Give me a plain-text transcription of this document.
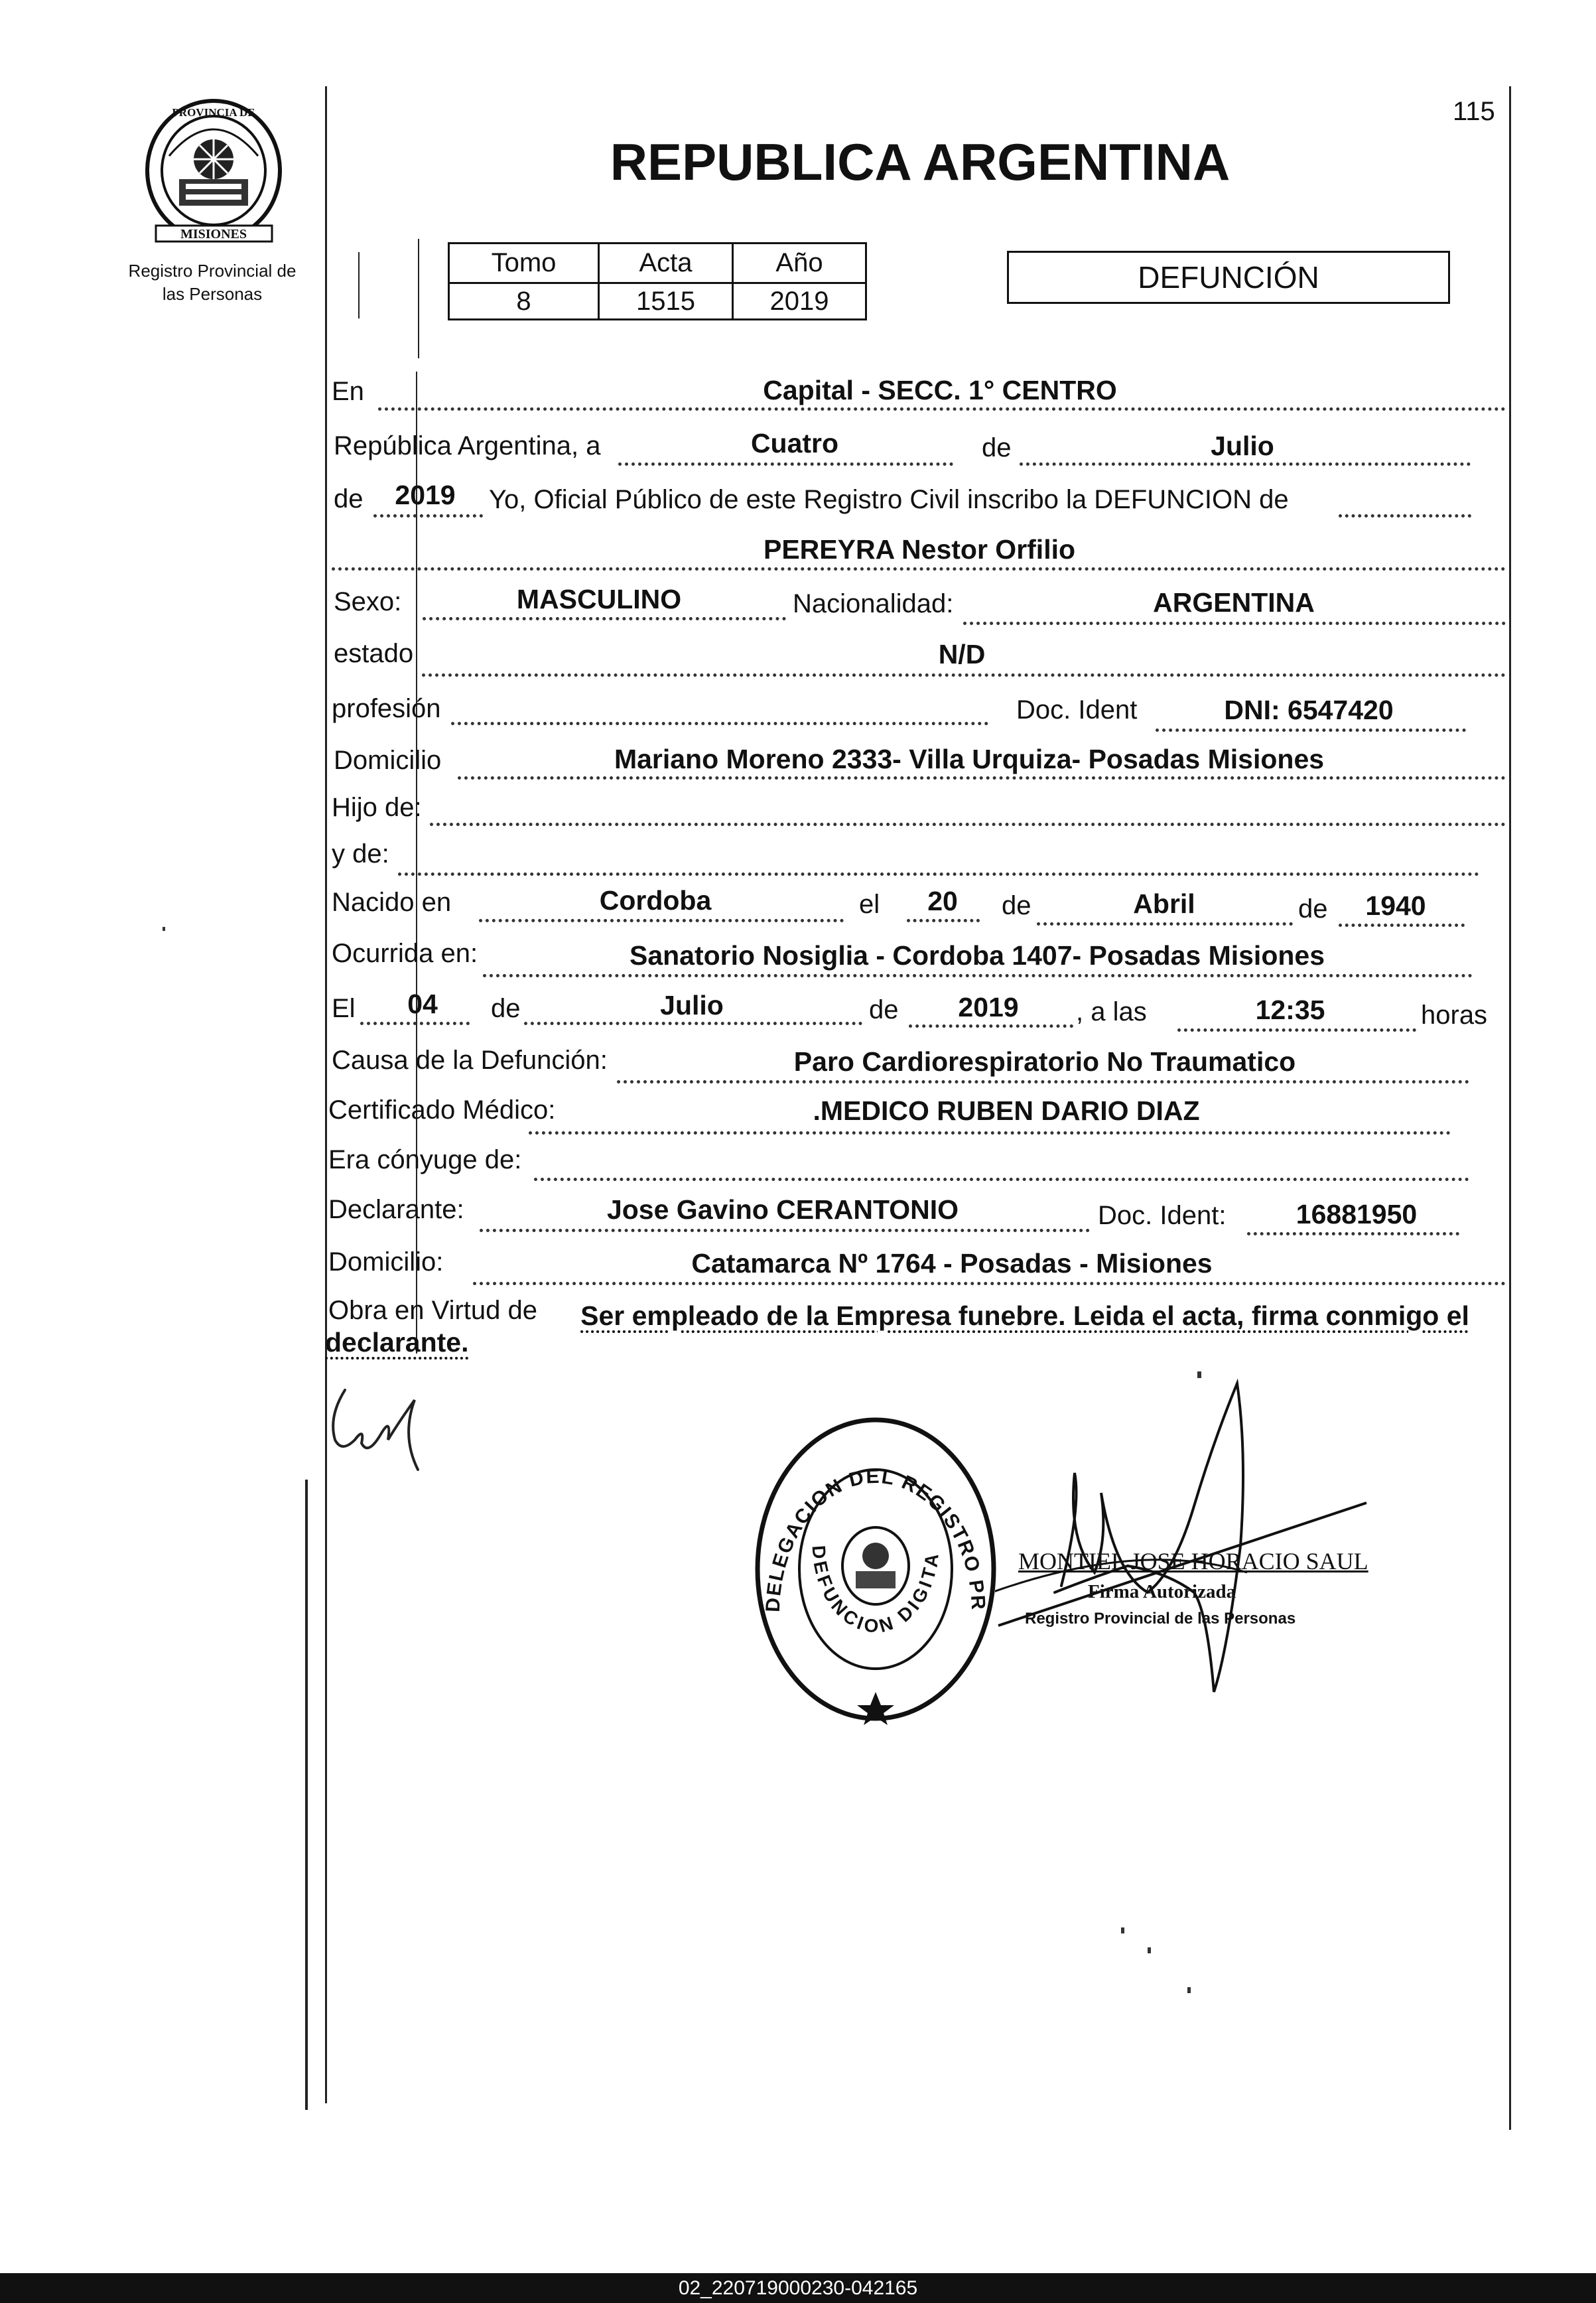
115
MISIONES
PROVINCIA DE
Registro Provincial de
las Personas
REPUBLICA ARGENTINA
Tomo	Acta	Año
8	1515	2019
DEFUNCIÓN
En	Capital - SECC. 1° CENTRO
República Argentina, a	Cuatro	de	Julio
de 2019 Yo, Oficial Público de este Registro Civil inscribo la DEFUNCION de
PEREYRA Nestor Orfilio
Sexo:	MASCULINO	Nacionalidad:	ARGENTINA
estado	N/D
profesión	Doc. Ident	DNI: 6547420
Domicilio	Mariano Moreno 2333- Villa Urquiza- Posadas Misiones
Hijo de:
y de:
Nacido en	Cordoba	el 20 de	Abril	de 1940
Ocurrida en:	Sanatorio Nosiglia - Cordoba 1407- Posadas Misiones
El 04 de	Julio	de 2019 , a las	12:35	horas
Causa de la Defunción:	Paro Cardiorespiratorio No Traumatico
Certificado Médico:	.MEDICO RUBEN DARIO DIAZ
Era cónyuge de:
Declarante:	Jose Gavino CERANTONIO	Doc. Ident:	16881950
Domicilio:	Catamarca Nº 1764 - Posadas - Misiones
Obra en Virtud de Ser empleado de la Empresa funebre. Leida el acta, firma conmigo el
declarante.
DELEGACION DEL REGISTRO PR
DEFUNCION DIGITA	MONTIEL JOSE HORACIO SAUL
Firma Autorizada
Registro Provincial de las Personas
02_220719000230-042165
